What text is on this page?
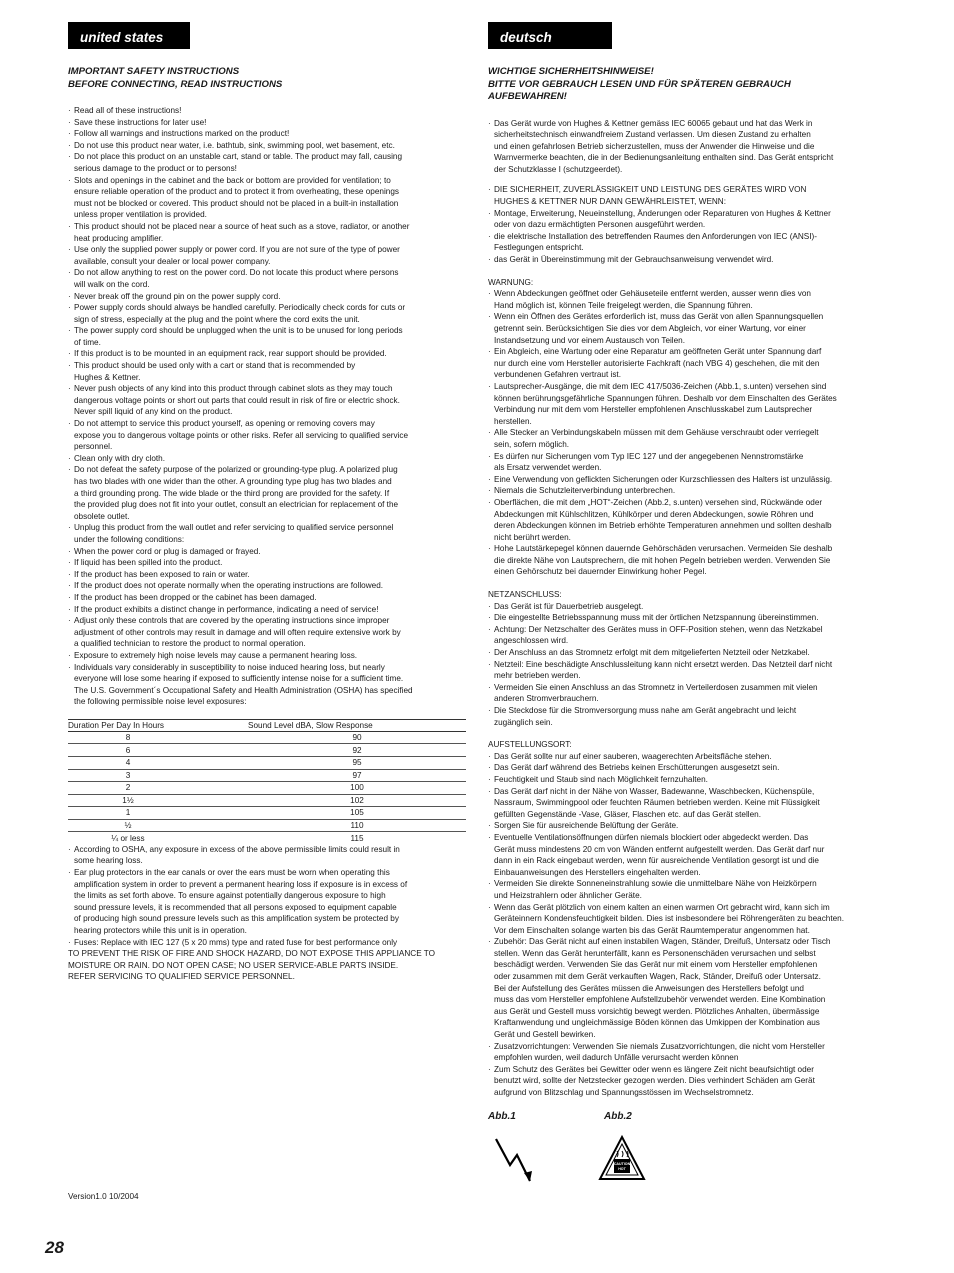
united states
IMPORTANT SAFETY INSTRUCTIONS
BEFORE CONNECTING, READ INSTRUCTIONS
· Read all of these instructions!
· Save these instructions for later use!
· Follow all warnings and instructions marked on the product!
· Do not use this product near water, i.e. bathtub, sink, swimming pool, wet basement, etc.
· Do not place this product on an unstable cart, stand or table. The product may fall, causing
serious damage to the product or to persons!
· Slots and openings in the cabinet and the back or bottom are provided for ventilation; to
ensure reliable operation of the product and to protect it from overheating, these openings
must not be blocked or covered. This product should not be placed in a built-in installation
unless proper ventilation is provided.
· This product should not be placed near a source of heat such as a stove, radiator, or another
heat producing amplifier.
· Use only the supplied power supply or power cord. If you are not sure of the type of power
available, consult your dealer or local power company.
· Do not allow anything to rest on the power cord. Do not locate this product where persons
will walk on the cord.
· Never break off the ground pin on the power supply cord.
· Power supply cords should always be handled carefully. Periodically check cords for cuts or
sign of stress, especially at the plug and the point where the cord exits the unit.
· The power supply cord should be unplugged when the unit is to be unused for long periods
of time.
· If this product is to be mounted in an equipment rack, rear support should be provided.
· This product should be used only with a cart or stand that is recommended by
Hughes & Kettner.
· Never push objects of any kind into this product through cabinet slots as they may touch
dangerous voltage points or short out parts that could result in risk of fire or electric shock.
Never spill liquid of any kind on the product.
· Do not attempt to service this product yourself, as opening or removing covers may
expose you to dangerous voltage points or other risks. Refer all servicing to qualified service
personnel.
· Clean only with dry cloth.
· Do not defeat the safety purpose of the polarized or grounding-type plug. A polarized plug
has two blades with one wider than the other. A grounding type plug has two blades and
a third grounding prong. The wide blade or the third prong are provided for the safety. If
the provided plug does not fit into your outlet, consult an electrician for replacement of the
obsolete outlet.
· Unplug this product from the wall outlet and refer servicing to qualified service personnel
under the following conditions:
· When the power cord or plug is damaged or frayed.
· If liquid has been spilled into the product.
· If the product has been exposed to rain or water.
· If the product does not operate normally when the operating instructions are followed.
· If the product has been dropped or the cabinet has been damaged.
· If the product exhibits a distinct change in performance, indicating a need of service!
· Adjust only these controls that are covered by the operating instructions since improper
adjustment of other controls may result in damage and will often require extensive work by
a qualified technician to restore the product to normal operation.
· Exposure to extremely high noise levels may cause a permanent hearing loss.
· Individuals vary considerably in susceptibility to noise induced hearing loss, but nearly
everyone will lose some hearing if exposed to sufficiently intense noise for a sufficient time.
The U.S. Government´s Occupational Safety and Health Administration (OSHA) has specified
the following permissible noise level exposures:
Duration Per Day In Hours	Sound Level dBA, Slow Response
8	90
6	92
4	95
3	97
2	100
1½	102
1	105
½	110
¼ or less	115
· According to OSHA, any exposure in excess of the above permissible limits could result in
some hearing loss.
· Ear plug protectors in the ear canals or over the ears must be worn when operating this
amplification system in order to prevent a permanent hearing loss if exposure is in excess of
the limits as set forth above. To ensure against potentially dangerous exposure to high
sound pressure levels, it is recommended that all persons exposed to equipment capable
of producing high sound pressure levels such as this amplification system be protected by
hearing protectors while this unit is in operation.
· Fuses: Replace with IEC 127 (5 x 20 mms) type and rated fuse for best performance only
TO PREVENT THE RISK OF FIRE AND SHOCK HAZARD, DO NOT EXPOSE THIS APPLIANCE TO
MOISTURE OR RAIN. DO NOT OPEN CASE; NO USER SERVICE-ABLE PARTS INSIDE.
REFER SERVICING TO QUALIFIED SERVICE PERSONNEL.
deutsch
WICHTIGE SICHERHEITSHINWEISE!
BITTE VOR GEBRAUCH LESEN UND FÜR SPÄTEREN GEBRAUCH
AUFBEWAHREN!
· Das Gerät wurde von Hughes & Kettner gemäss IEC 60065 gebaut und hat das Werk in
sicherheitstechnisch einwandfreiem Zustand verlassen. Um diesen Zustand zu erhalten
und einen gefahrlosen Betrieb sicherzustellen, muss der Anwender die Hinweise und die
Warnvermerke beachten, die in der Bedienungsanleitung enthalten sind. Das Gerät entspricht
der Schutzklasse I (schutzgeerdet).
· DIE SICHERHEIT, ZUVERLÄSSIGKEIT UND LEISTUNG DES GERÄTES WIRD VON
HUGHES & KETTNER NUR DANN GEWÄHRLEISTET, WENN:
· Montage, Erweiterung, Neueinstellung, Änderungen oder Reparaturen von Hughes & Kettner
oder von dazu ermächtigten Personen ausgeführt werden.
· die elektrische Installation des betreffenden Raumes den Anforderungen von IEC (ANSI)-
Festlegungen entspricht.
· das Gerät in Übereinstimmung mit der Gebrauchsanweisung verwendet wird.
WARNUNG:
· Wenn Abdeckungen geöffnet oder Gehäuseteile entfernt werden, ausser wenn dies von
Hand möglich ist, können Teile freigelegt werden, die Spannung führen.
· Wenn ein Öffnen des Gerätes erforderlich ist, muss das Gerät von allen Spannungsquellen
getrennt sein. Berücksichtigen Sie dies vor dem Abgleich, vor einer Wartung, vor einer
Instandsetzung und vor einem Austausch von Teilen.
· Ein Abgleich, eine Wartung oder eine Reparatur am geöffneten Gerät unter Spannung darf
nur durch eine vom Hersteller autorisierte Fachkraft (nach VBG 4) geschehen, die mit den
verbundenen Gefahren vertraut ist.
· Lautsprecher-Ausgänge, die mit dem IEC 417/5036-Zeichen (Abb.1, s.unten) versehen sind
können berührungsgefährliche Spannungen führen. Deshalb vor dem Einschalten des Gerätes
Verbindung nur mit dem vom Hersteller empfohlenen Anschlusskabel zum Lautsprecher
herstellen.
· Alle Stecker an Verbindungskabeln müssen mit dem Gehäuse verschraubt oder verriegelt
sein, sofern möglich.
· Es dürfen nur Sicherungen vom Typ IEC 127 und der angegebenen Nennstromstärke
als Ersatz verwendet werden.
· Eine Verwendung von geflickten Sicherungen oder Kurzschliessen des Halters ist unzulässig.
· Niemals die Schutzleiterverbindung unterbrechen.
· Oberflächen, die mit dem „HOT“-Zeichen (Abb.2, s.unten) versehen sind, Rückwände oder
Abdeckungen mit Kühlschlitzen, Kühlkörper und deren Abdeckungen, sowie Röhren und
deren Abdeckungen können im Betrieb erhöhte Temperaturen annehmen und sollten deshalb
nicht berührt werden.
· Hohe Lautstärkepegel können dauernde Gehörschäden verursachen. Vermeiden Sie deshalb
die direkte Nähe von Lautsprechern, die mit hohen Pegeln betrieben werden. Verwenden Sie
einen Gehörschutz bei dauernder Einwirkung hoher Pegel.
NETZANSCHLUSS:
· Das Gerät ist für Dauerbetrieb ausgelegt.
· Die eingestellte Betriebsspannung muss mit der örtlichen Netzspannung übereinstimmen.
· Achtung: Der Netzschalter des Gerätes muss in OFF-Position stehen, wenn das Netzkabel
angeschlossen wird.
· Der Anschluss an das Stromnetz erfolgt mit dem mitgelieferten Netzteil oder Netzkabel.
· Netzteil: Eine beschädigte Anschlussleitung kann nicht ersetzt werden. Das Netzteil darf nicht
mehr betrieben werden.
· Vermeiden Sie einen Anschluss an das Stromnetz in Verteilerdosen zusammen mit vielen
anderen Stromverbrauchern.
· Die Steckdose für die Stromversorgung muss nahe am Gerät angebracht und leicht
zugänglich sein.
AUFSTELLUNGSORT:
· Das Gerät sollte nur auf einer sauberen, waagerechten Arbeitsfläche stehen.
· Das Gerät darf während des Betriebs keinen Erschütterungen ausgesetzt sein.
· Feuchtigkeit und Staub sind nach Möglichkeit fernzuhalten.
· Das Gerät darf nicht in der Nähe von Wasser, Badewanne, Waschbecken, Küchenspüle,
Nassraum, Swimmingpool oder feuchten Räumen betrieben werden. Keine mit Flüssigkeit
gefüllten Gegenstände -Vase, Gläser, Flaschen etc. auf das Gerät stellen.
· Sorgen Sie für ausreichende Belüftung der Geräte.
· Eventuelle Ventilationsöffnungen dürfen niemals blockiert oder abgedeckt werden. Das
Gerät muss mindestens 20 cm von Wänden entfernt aufgestellt werden. Das Gerät darf nur
dann in ein Rack eingebaut werden, wenn für ausreichende Ventilation gesorgt ist und die
Einbauanweisungen des Herstellers eingehalten werden.
· Vermeiden Sie direkte Sonneneinstrahlung sowie die unmittelbare Nähe von Heizkörpern
und Heizstrahlern oder ähnlicher Geräte.
· Wenn das Gerät plötzlich von einem kalten an einen warmen Ort gebracht wird, kann sich im
Geräteinnern Kondensfeuchtigkeit bilden. Dies ist insbesondere bei Röhrengeräten zu beachten.
Vor dem Einschalten solange warten bis das Gerät Raumtemperatur angenommen hat.
· Zubehör: Das Gerät nicht auf einen instabilen Wagen, Ständer, Dreifuß, Untersatz oder Tisch
stellen. Wenn das Gerät herunterfällt, kann es Personenschäden verursachen und selbst
beschädigt werden. Verwenden Sie das Gerät nur mit einem vom Hersteller empfohlenen
oder zusammen mit dem Gerät verkauften Wagen, Rack, Ständer, Dreifuß oder Untersatz.
Bei der Aufstellung des Gerätes müssen die Anweisungen des Herstellers befolgt und
muss das vom Hersteller empfohlene Aufstellzubehör verwendet werden. Eine Kombination
aus Gerät und Gestell muss vorsichtig bewegt werden. Plötzliches Anhalten, übermässige
Kraftanwendung und ungleichmässige Böden können das Umkippen der Kombination aus
Gerät und Gestell bewirken.
· Zusatzvorrichtungen: Verwenden Sie niemals Zusatzvorrichtungen, die nicht vom Hersteller
empfohlen wurden, weil dadurch Unfälle verursacht werden können
· Zum Schutz des Gerätes bei Gewitter oder wenn es längere Zeit nicht beaufsichtigt oder
benutzt wird, sollte der Netzstecker gezogen werden. Dies verhindert Schäden am Gerät
aufgrund von Blitzschlag und Spannungsstössen im Wechselstromnetz.
Abb.1	Abb.2
CAUTION
HOT
Version1.0 10/2004
28
